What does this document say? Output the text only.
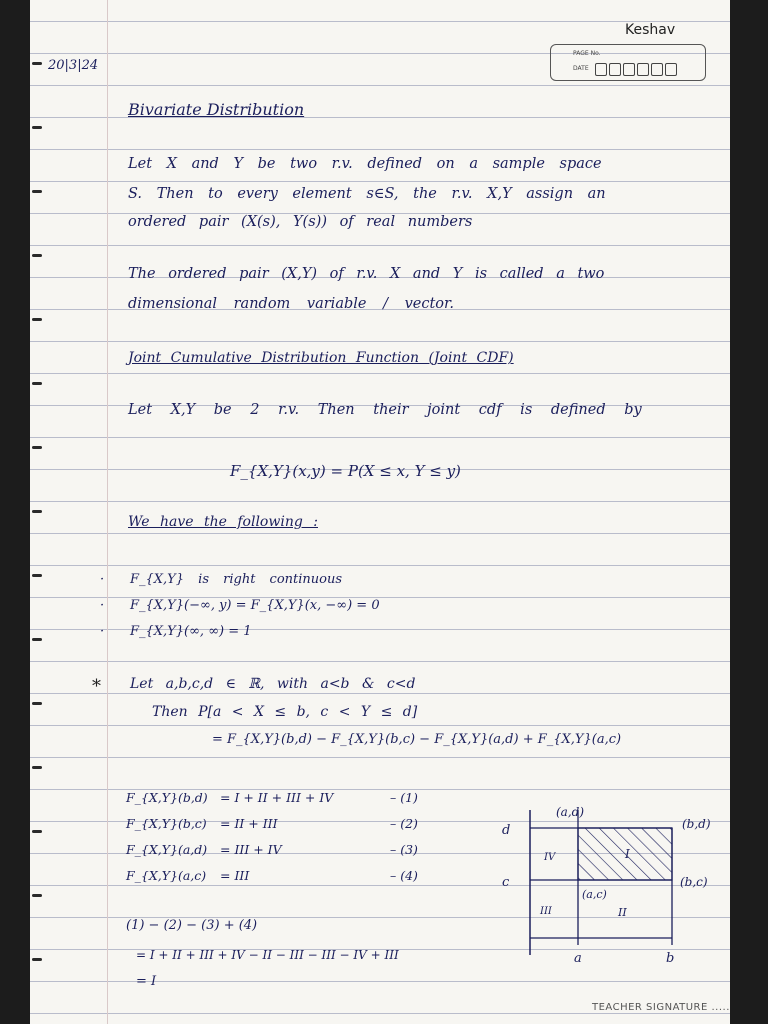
Keshav
PAGE No.
DATE
20|3|24
Bivariate Distribution
Let X and Y be two r.v. defined on a sample space
S. Then to every element s∈S, the r.v. X,Y assign an
ordered pair (X(s), Y(s)) of real numbers
The ordered pair (X,Y) of r.v. X and Y is called a two
dimensional random variable / vector.
Joint Cumulative Distribution Function (Joint CDF)
Let X,Y be 2 r.v. Then their joint cdf is defined by
F_{X,Y}(x,y) = P(X ≤ x, Y ≤ y)
We have the following :
· F_{X,Y} is right continuous
· F_{X,Y}(−∞, y) = F_{X,Y}(x, −∞) = 0
· F_{X,Y}(∞, ∞) = 1
* Let a,b,c,d ∈ ℝ, with a<b & c<d
Then P[a < X ≤ b, c < Y ≤ d]
= F_{X,Y}(b,d) − F_{X,Y}(b,c) − F_{X,Y}(a,d) + F_{X,Y}(a,c)
F_{X,Y}(b,d) = I + II + III + IV	– (1)
F_{X,Y}(b,c) = II + III	– (2)
F_{X,Y}(a,d) = III + IV	– (3)
F_{X,Y}(a,c) = III	– (4)
(1) − (2) − (3) + (4)
= I + II + III + IV − II − III − III − IV + III
= I
I
II
III
IV
(a,d)
(b,d)
(b,c)
(a,c)
d
c
a	b
TEACHER SIGNATURE .....
